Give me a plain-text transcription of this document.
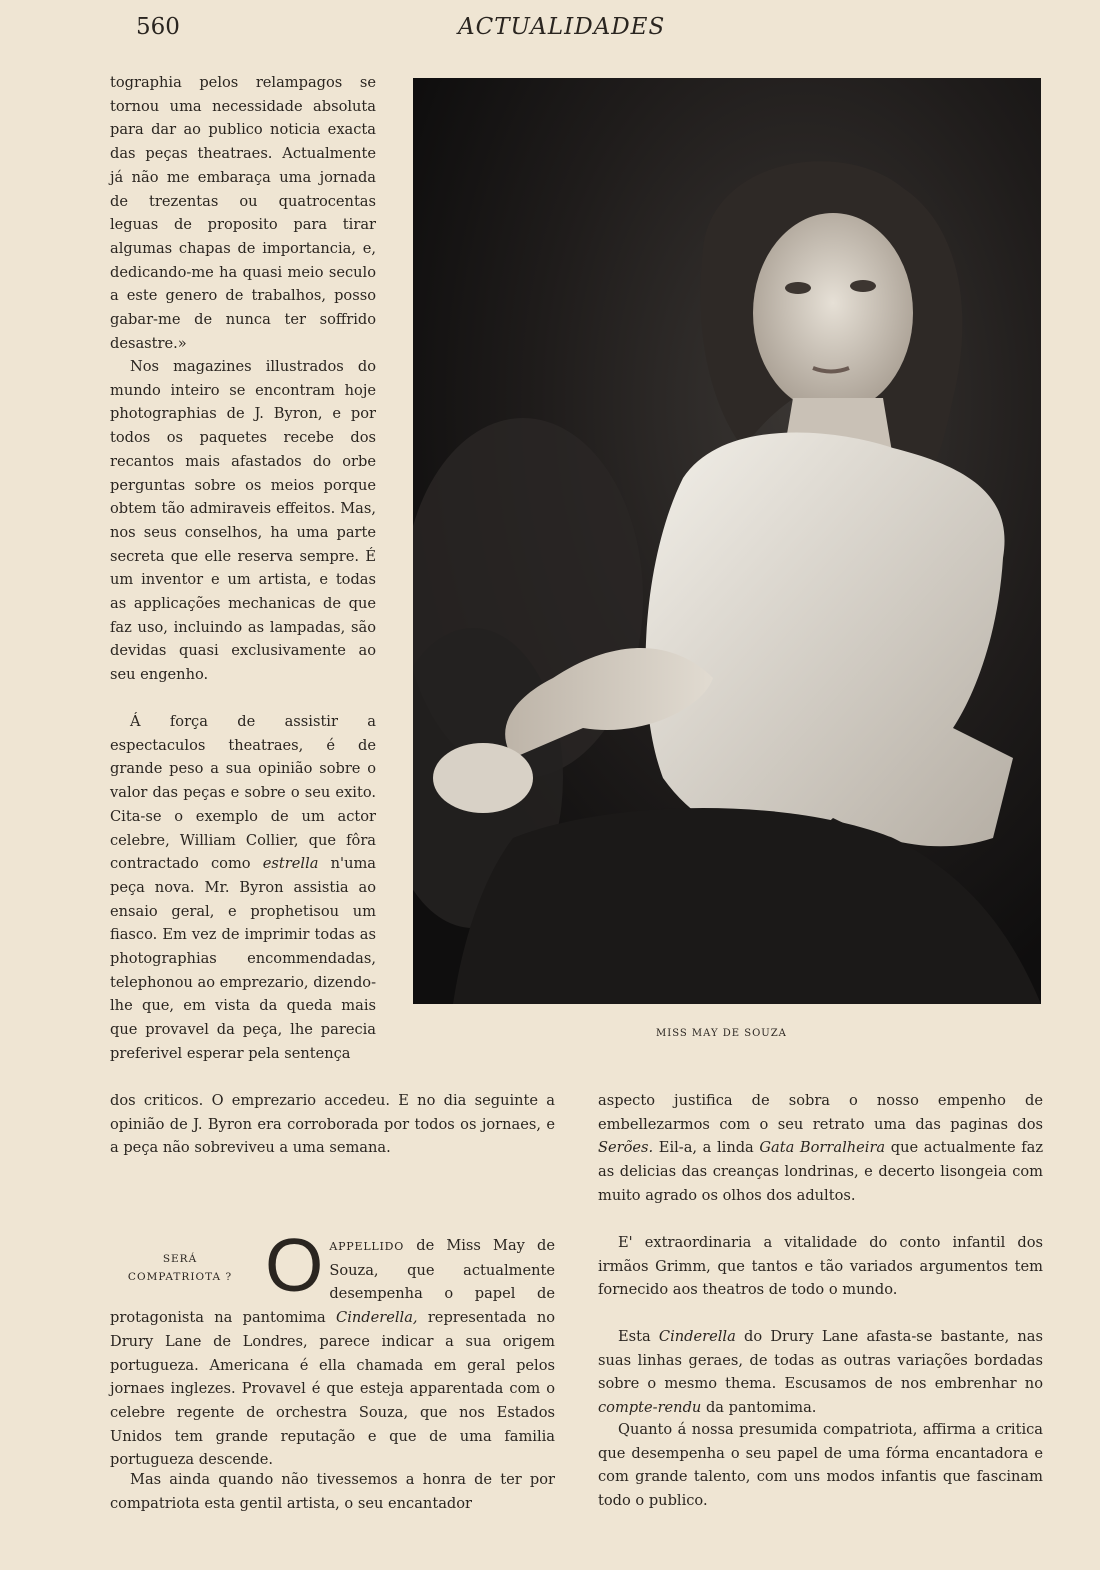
560	ACTUALIDADES

tographia pelos relampagos se tornou uma necessidade absoluta para dar ao publico noticia exacta das peças theatraes. Actualmente já não me embaraça uma jornada de trezentas ou quatrocentas leguas de proposito para tirar algumas chapas de importancia, e, dedicando-me ha quasi meio seculo a este genero de trabalhos, posso gabar-me de nunca ter soffrido desastre.»

Nos magazines illustrados do mundo inteiro se encontram hoje photographias de J. Byron, e por todos os paquetes recebe dos recantos mais afastados do orbe perguntas sobre os meios porque obtem tão admiraveis effeitos. Mas, nos seus conselhos, ha uma parte secreta que elle reserva sempre. É um inventor e um artista, e todas as applicações mechanicas de que faz uso, incluindo as lampadas, são devidas quasi exclusivamente ao seu engenho.

Á força de assistir a espectaculos theatraes, é de grande peso a sua opinião sobre o valor das peças e sobre o seu exito. Cita-se o exemplo de um actor celebre, William Collier, que fôra contractado como estrella n'uma peça nova. Mr. Byron assistia ao ensaio geral, e prophetisou um fiasco. Em vez de imprimir todas as photographias encommendadas, telephonou ao emprezario, dizendo-lhe que, em vista da queda mais que provavel da peça, lhe parecia preferivel esperar pela sentença

dos criticos. O emprezario accedeu. E no dia seguinte a opinião de J. Byron era corroborada por todos os jornaes, e a peça não sobreviveu a uma semana.

MISS MAY DE SOUZA
SERÁ
COMPATRIOTA ? OAPPELLIDO de Miss May de Souza, que actualmente desempenha o papel de protagonista na pantomima Cinderella, representada no Drury Lane de Londres, parece indicar a sua origem portugueza. Americana é ella chamada em geral pelos jornaes inglezes. Provavel é que esteja apparentada com o celebre regente de orchestra Souza, que nos Estados Unidos tem grande reputação e que de uma familia portugueza descende.

Mas ainda quando não tivessemos a honra de ter por compatriota esta gentil artista, o seu encantador

aspecto justifica de sobra o nosso empenho de embellezarmos com o seu retrato uma das paginas dos Serões. Eil-a, a linda Gata Borralheira que actualmente faz as delicias das creanças londrinas, e decerto lisongeia com muito agrado os olhos dos adultos.

E' extraordinaria a vitalidade do conto infantil dos irmãos Grimm, que tantos e tão variados argumentos tem fornecido aos theatros de todo o mundo.

Esta Cinderella do Drury Lane afasta-se bastante, nas suas linhas geraes, de todas as outras variações bordadas sobre o mesmo thema. Escusamos de nos embrenhar no compte-rendu da pantomima.

Quanto á nossa presumida compatriota, affirma a critica que desempenha o seu papel de uma fórma encantadora e com grande talento, com uns modos infantis que fascinam todo o publico.
